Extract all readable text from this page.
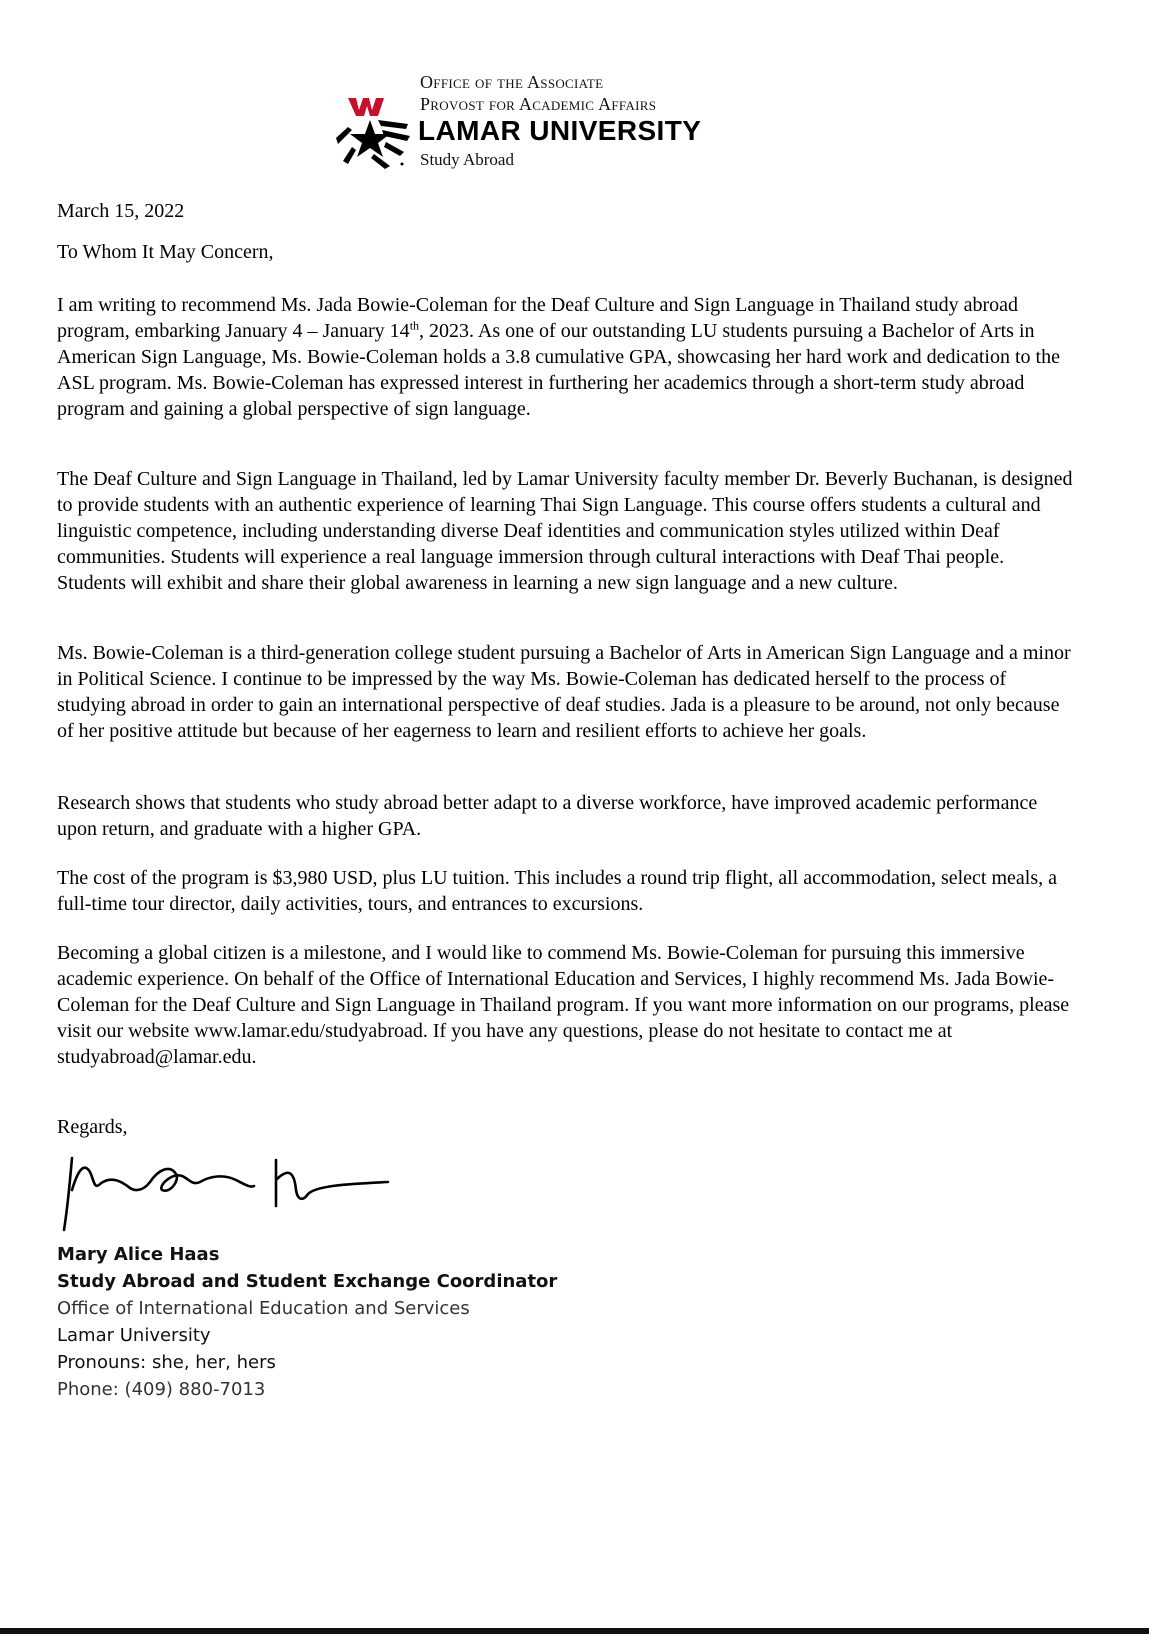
Office of the Associate
Provost for Academic Affairs
LAMAR UNIVERSITY
Study Abroad
March 15, 2022
To Whom It May Concern,
I am writing to recommend Ms. Jada Bowie-Coleman for the Deaf Culture and Sign Language in Thailand study abroad program, embarking January 4 – January 14th, 2023. As one of our outstanding LU students pursuing a Bachelor of Arts in American Sign Language, Ms. Bowie-Coleman holds a 3.8 cumulative GPA, showcasing her hard work and dedication to the ASL program. Ms. Bowie-Coleman has expressed interest in furthering her academics through a short-term study abroad program and gaining a global perspective of sign language.
The Deaf Culture and Sign Language in Thailand, led by Lamar University faculty member Dr. Beverly Buchanan, is designed to provide students with an authentic experience of learning Thai Sign Language. This course offers students a cultural and linguistic competence, including understanding diverse Deaf identities and communication styles utilized within Deaf communities. Students will experience a real language immersion through cultural interactions with Deaf Thai people. Students will exhibit and share their global awareness in learning a new sign language and a new culture.
Ms. Bowie-Coleman is a third-generation college student pursuing a Bachelor of Arts in American Sign Language and a minor in Political Science. I continue to be impressed by the way Ms. Bowie-Coleman has dedicated herself to the process of studying abroad in order to gain an international perspective of deaf studies. Jada is a pleasure to be around, not only because of her positive attitude but because of her eagerness to learn and resilient efforts to achieve her goals.
Research shows that students who study abroad better adapt to a diverse workforce, have improved academic performance upon return, and graduate with a higher GPA.
The cost of the program is $3,980 USD, plus LU tuition. This includes a round trip flight, all accommodation, select meals, a full-time tour director, daily activities, tours, and entrances to excursions.
Becoming a global citizen is a milestone, and I would like to commend Ms. Bowie-Coleman for pursuing this immersive academic experience. On behalf of the Office of International Education and Services, I highly recommend Ms. Jada Bowie-Coleman for the Deaf Culture and Sign Language in Thailand program. If you want more information on our programs, please visit our website www.lamar.edu/studyabroad. If you have any questions, please do not hesitate to contact me at studyabroad@lamar.edu.
Regards,
Mary Alice Haas
Study Abroad and Student Exchange Coordinator
Office of International Education and Services
Lamar University
Pronouns: she, her, hers
Phone: (409) 880-7013
